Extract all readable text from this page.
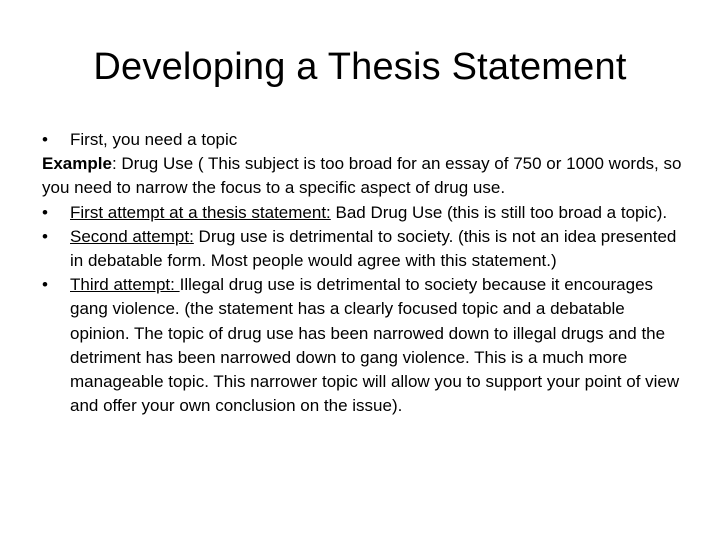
Developing a Thesis Statement

•	First, you need a topic

Example: Drug Use ( This subject is too broad for an essay of 750 or 1000 words, so you need to narrow the focus to a specific aspect of drug use.

•	First attempt at a thesis statement: Bad Drug Use (this is still too broad a topic).

•	Second attempt: Drug use is detrimental to society. (this is not an idea presented in debatable form. Most people would agree with this statement.)

•	Third attempt: Illegal drug use is detrimental to society because it encourages gang violence. (the statement has a clearly focused topic and a debatable opinion. The topic of drug use has been narrowed down to illegal drugs and the detriment has been narrowed down to gang violence. This is a much more manageable topic. This narrower topic will allow you to support your point of view and offer your own conclusion on the issue).
